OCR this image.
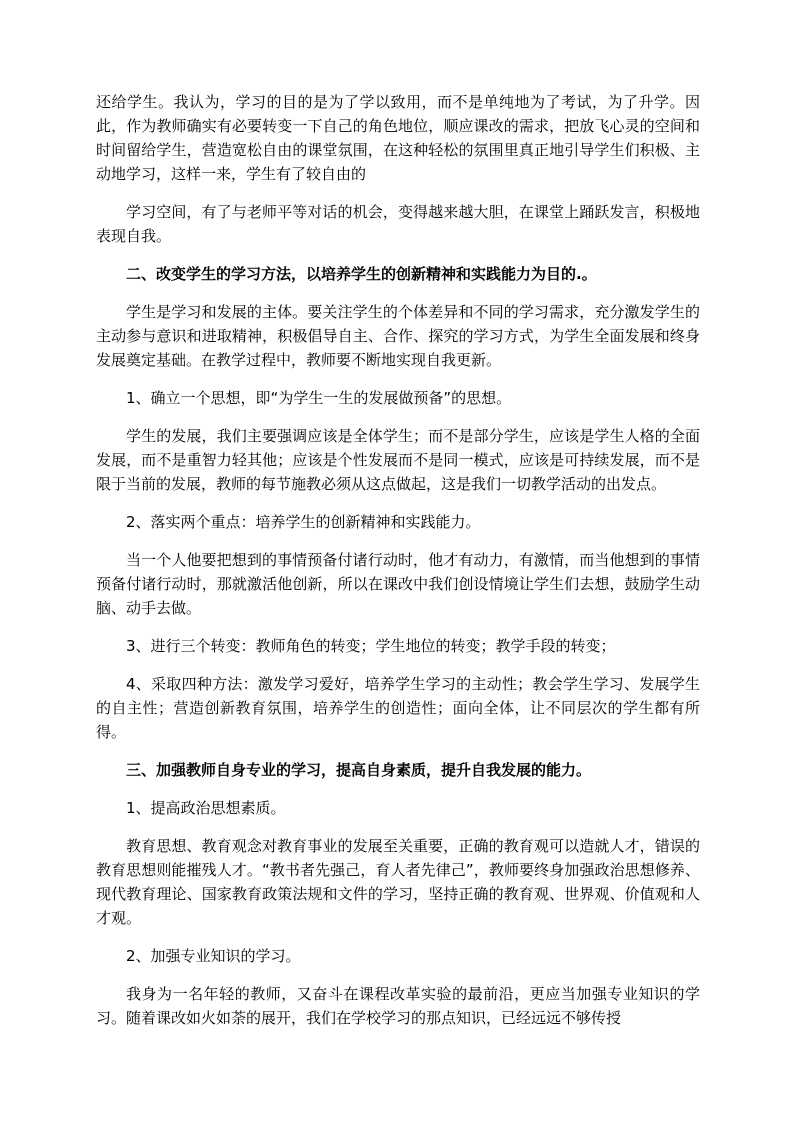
还给学生。我认为，学习的目的是为了学以致用，而不是单纯地为了考试，为了升学。因此，作为教师确实有必要转变一下自己的角色地位，顺应课改的需求，把放飞心灵的空间和时间留给学生，营造宽松自由的课堂氛围，在这种轻松的氛围里真正地引导学生们积极、主动地学习，这样一来，学生有了较自由的

学习空间，有了与老师平等对话的机会，变得越来越大胆，在课堂上踊跃发言，积极地表现自我。

二、改变学生的学习方法，以培养学生的创新精神和实践能力为目的.。

学生是学习和发展的主体。要关注学生的个体差异和不同的学习需求，充分激发学生的主动参与意识和进取精神，积极倡导自主、合作、探究的学习方式，为学生全面发展和终身发展奠定基础。在教学过程中，教师要不断地实现自我更新。

1、确立一个思想，即“为学生一生的发展做预备”的思想。

学生的发展，我们主要强调应该是全体学生；而不是部分学生，应该是学生人格的全面发展，而不是重智力轻其他；应该是个性发展而不是同一模式，应该是可持续发展，而不是限于当前的发展，教师的每节施教必须从这点做起，这是我们一切教学活动的出发点。

2、落实两个重点：培养学生的创新精神和实践能力。

当一个人他要把想到的事情预备付诸行动时，他才有动力，有激情，而当他想到的事情预备付诸行动时，那就激活他创新，所以在课改中我们创设情境让学生们去想，鼓励学生动脑、动手去做。

3、进行三个转变：教师角色的转变；学生地位的转变；教学手段的转变；

4、采取四种方法：激发学习爱好，培养学生学习的主动性；教会学生学习、发展学生的自主性；营造创新教育氛围，培养学生的创造性；面向全体，让不同层次的学生都有所得。

三、加强教师自身专业的学习，提高自身素质，提升自我发展的能力。

1、提高政治思想素质。

教育思想、教育观念对教育事业的发展至关重要，正确的教育观可以造就人才，错误的教育思想则能摧残人才。“教书者先强己，育人者先律己”，教师要终身加强政治思想修养、现代教育理论、国家教育政策法规和文件的学习，坚持正确的教育观、世界观、价值观和人才观。

2、加强专业知识的学习。

我身为一名年轻的教师，又奋斗在课程改革实验的最前沿，更应当加强专业知识的学习。随着课改如火如荼的展开，我们在学校学习的那点知识，已经远远不够传授
